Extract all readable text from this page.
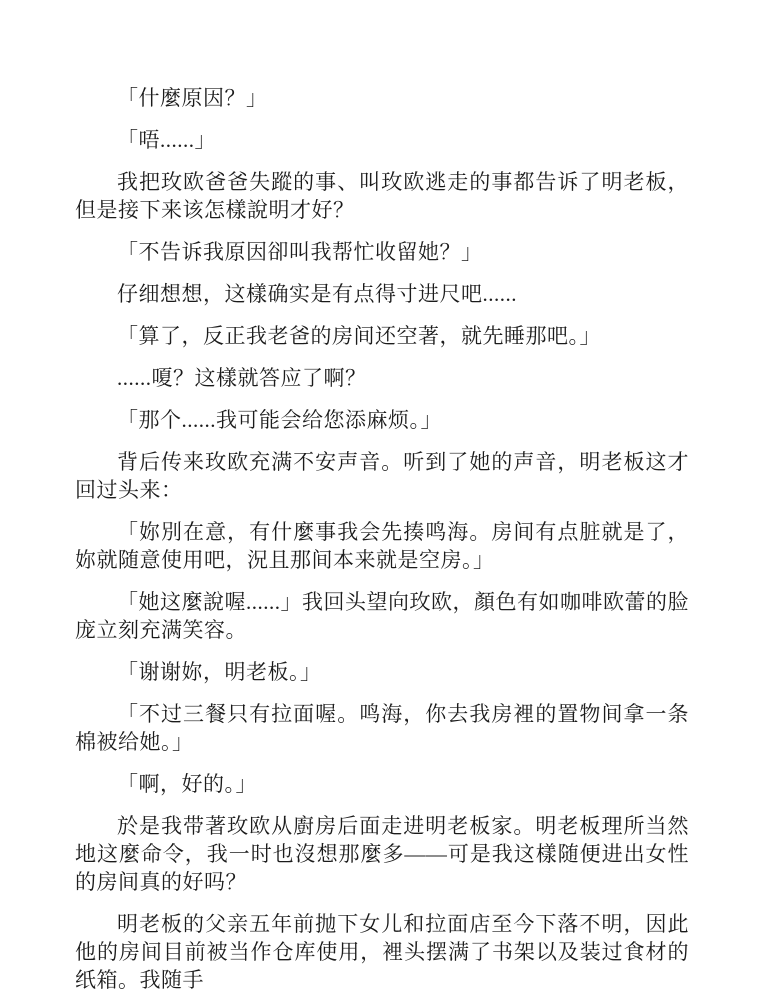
「什麼原因？」

「唔......」

我把玫欧爸爸失蹤的事、叫玫欧逃走的事都告诉了明老板，但是接下来该怎樣說明才好？

「不告诉我原因卻叫我帮忙收留她？」

仔细想想，这樣确实是有点得寸进尺吧......

「算了，反正我老爸的房间还空著，就先睡那吧。」

......嗄？这樣就答应了啊？

「那个......我可能会给您添麻烦。」

背后传来玫欧充满不安声音。听到了她的声音，明老板这才回过头来：

「妳別在意，有什麼事我会先揍鸣海。房间有点脏就是了，妳就随意使用吧，況且那间本来就是空房。」

「她这麼說喔......」我回头望向玫欧，顏色有如咖啡欧蕾的脸庞立刻充满笑容。

「谢谢妳，明老板。」

「不过三餐只有拉面喔。鸣海，你去我房裡的置物间拿一条棉被给她。」

「啊，好的。」

於是我带著玫欧从廚房后面走进明老板家。明老板理所当然地这麼命令，我一时也沒想那麼多——可是我这樣随便进出女性的房间真的好吗？

明老板的父亲五年前抛下女儿和拉面店至今下落不明，因此他的房间目前被当作仓库使用，裡头摆满了书架以及装过食材的纸箱。我随手
